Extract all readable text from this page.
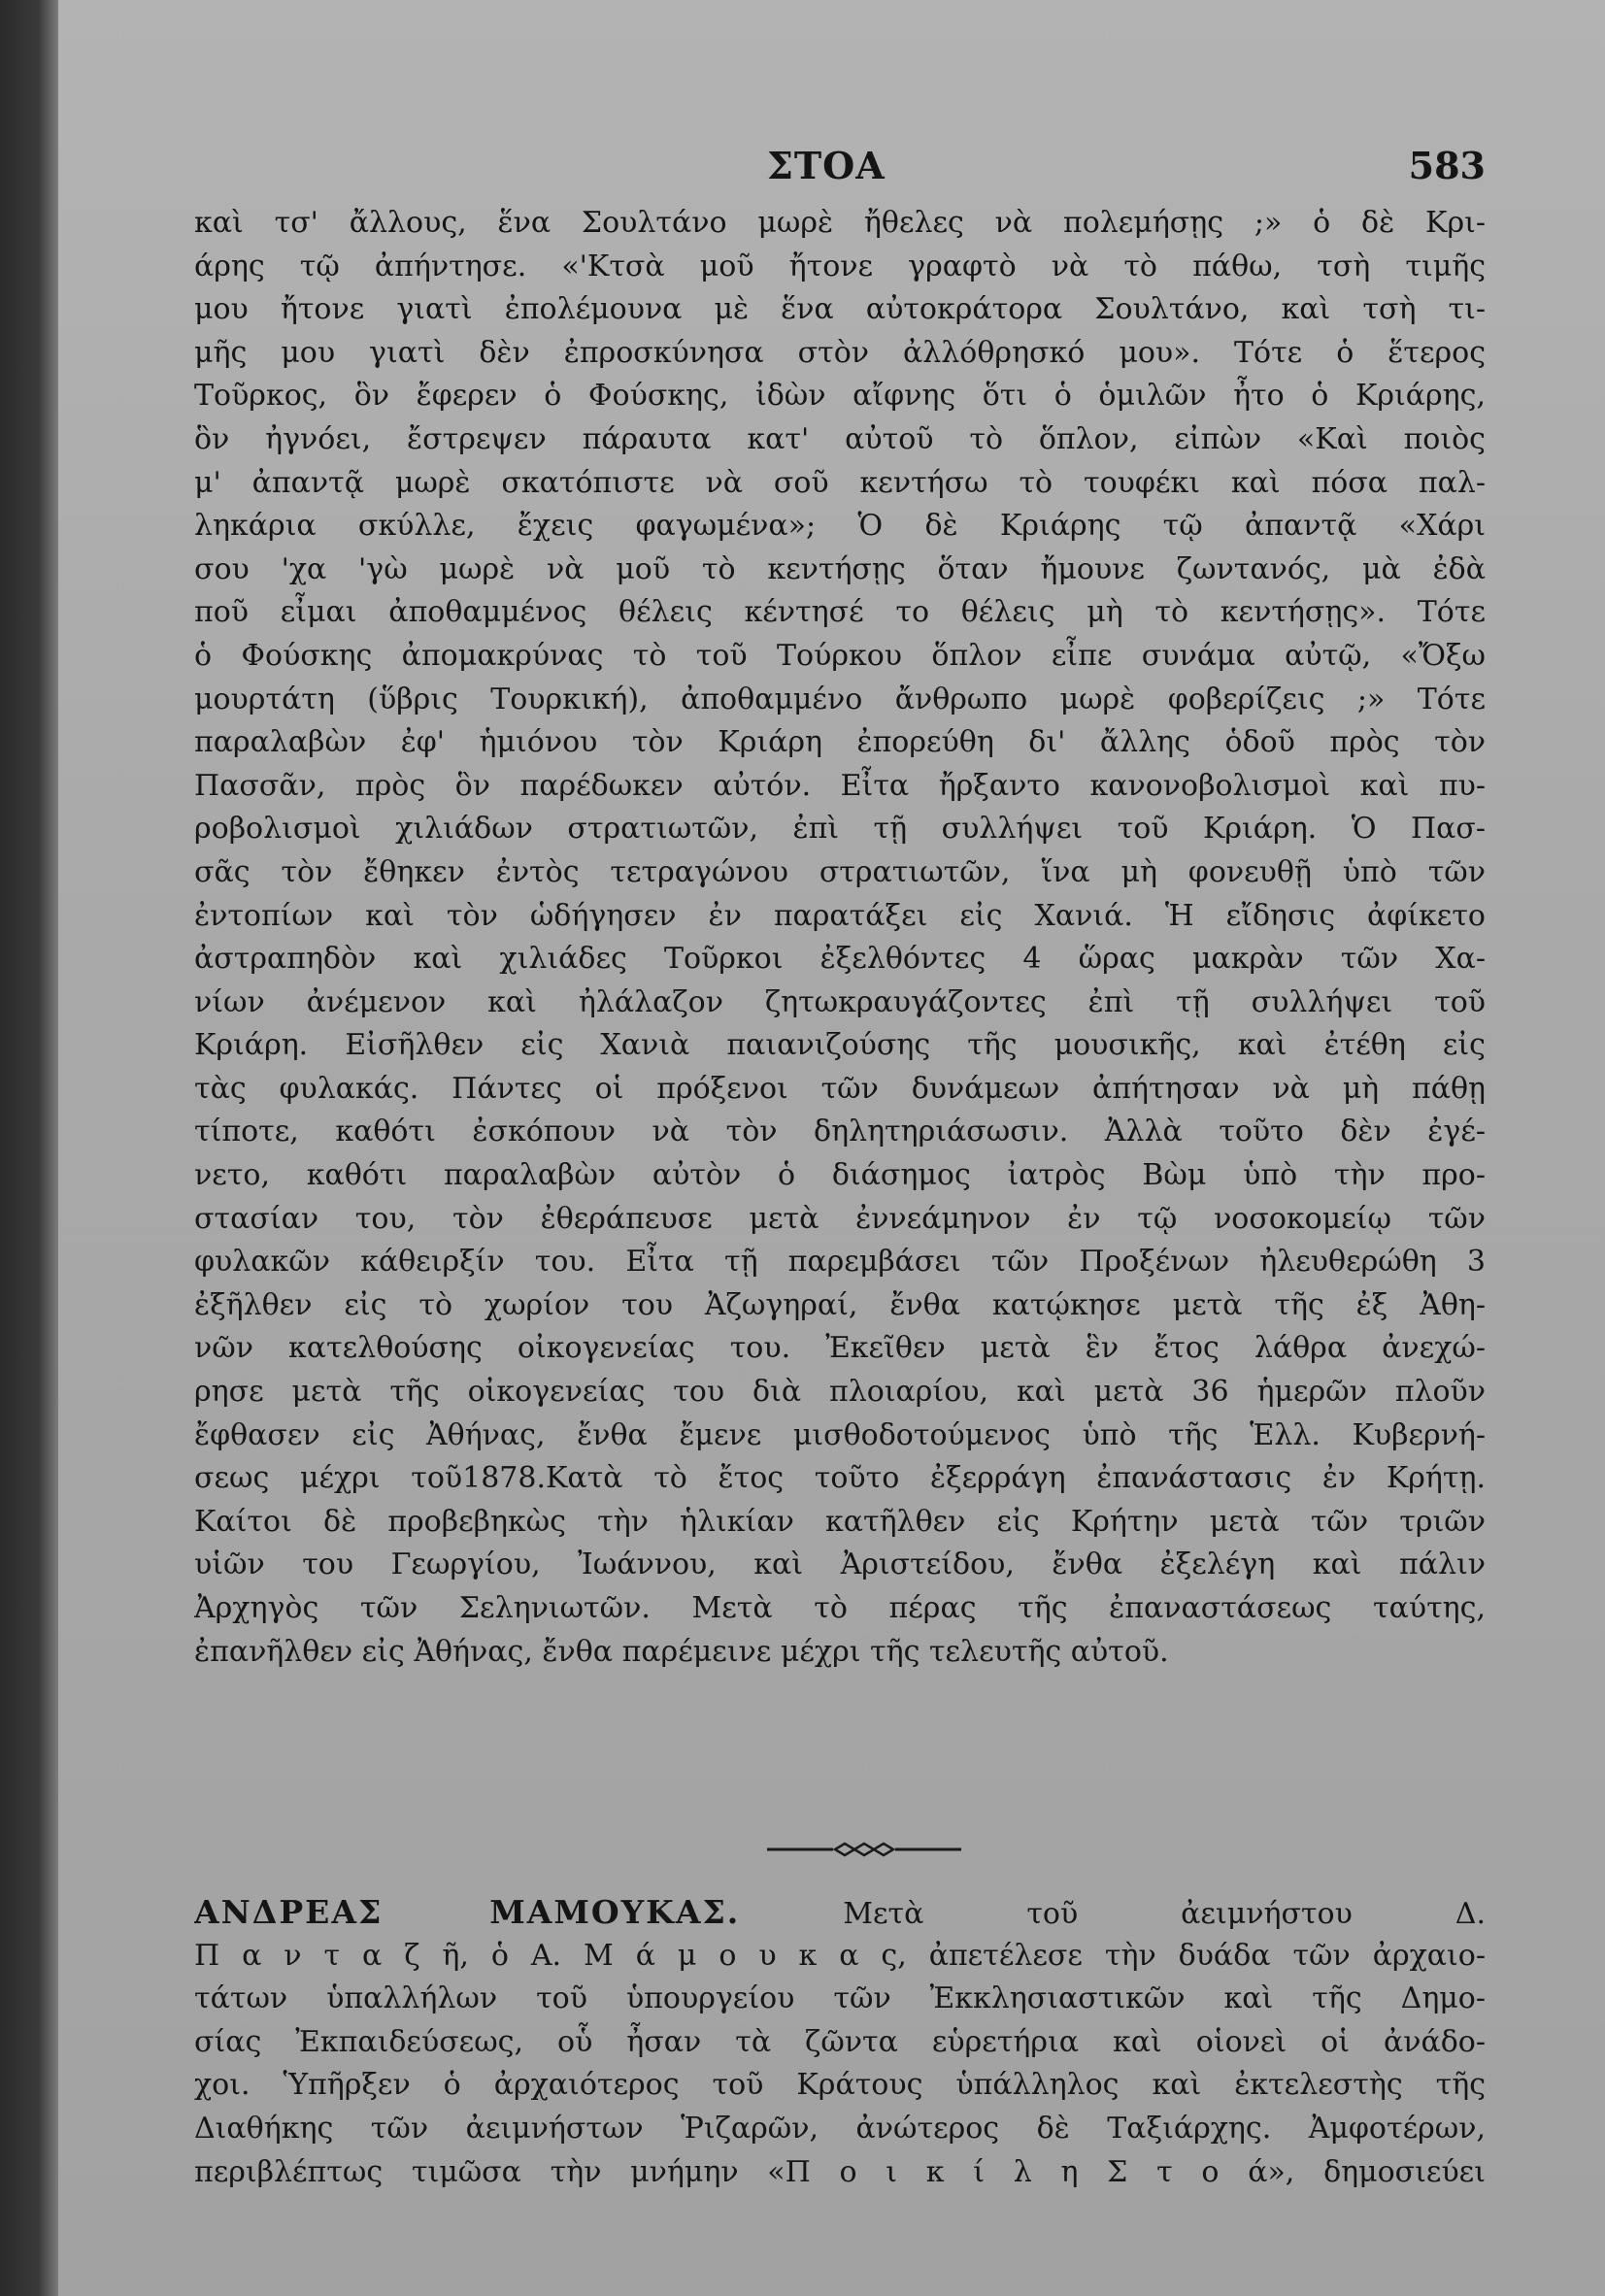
ΣΤΟΑ	583
καὶ τσ' ἄλλους, ἕνα Σουλτάνο μωρὲ ἤθελες νὰ πολεμήσῃς ;» ὁ δὲ Κρι-
άρης τῷ ἀπήντησε. «'Κτσὰ μοῦ ἤτονε γραφτὸ νὰ τὸ πάθω, τσὴ τιμῆς
μου ἤτονε γιατὶ ἐπολέμουνα μὲ ἕνα αὐτοκράτορα Σουλτάνο, καὶ τσὴ τι-
μῆς μου γιατὶ δὲν ἐπροσκύνησα στὸν ἀλλόθρησκό μου». Τότε ὁ ἕτερος
Τοῦρκος, ὃν ἔφερεν ὁ Φούσκης, ἰδὼν αἴφνης ὅτι ὁ ὁμιλῶν ἦτο ὁ Κριάρης,
ὃν ἠγνόει, ἔστρεψεν πάραυτα κατ' αὐτοῦ τὸ ὅπλον, εἰπὼν «Καὶ ποιὸς
μ' ἀπαντᾷ μωρὲ σκατόπιστε νὰ σοῦ κεντήσω τὸ τουφέκι καὶ πόσα παλ-
ληκάρια σκύλλε, ἔχεις φαγωμένα»; Ὁ δὲ Κριάρης τῷ ἀπαντᾷ «Χάρι
σου 'χα 'γὼ μωρὲ νὰ μοῦ τὸ κεντήσῃς ὅταν ἤμουνε ζωντανός, μὰ ἐδὰ
ποῦ εἶμαι ἀποθαμμένος θέλεις κέντησέ το θέλεις μὴ τὸ κεντήσῃς». Τότε
ὁ Φούσκης ἀπομακρύνας τὸ τοῦ Τούρκου ὅπλον εἶπε συνάμα αὐτῷ, «Ὄξω
μουρτάτη (ὕβρις Τουρκική), ἀποθαμμένο ἄνθρωπο μωρὲ φοβερίζεις ;» Τότε
παραλαβὼν ἐφ' ἡμιόνου τὸν Κριάρη ἐπορεύθη δι' ἄλλης ὁδοῦ πρὸς τὸν
Πασσᾶν, πρὸς ὃν παρέδωκεν αὐτόν. Εἶτα ἤρξαντο κανονοβολισμοὶ καὶ πυ-
ροβολισμοὶ χιλιάδων στρατιωτῶν, ἐπὶ τῇ συλλήψει τοῦ Κριάρη. Ὁ Πασ-
σᾶς τὸν ἔθηκεν ἐντὸς τετραγώνου στρατιωτῶν, ἵνα μὴ φονευθῇ ὑπὸ τῶν
ἐντοπίων καὶ τὸν ὡδήγησεν ἐν παρατάξει εἰς Χανιά. Ἡ εἴδησις ἀφίκετο
ἀστραπηδὸν καὶ χιλιάδες Τοῦρκοι ἐξελθόντες 4 ὥρας μακρὰν τῶν Χα-
νίων ἀνέμενον καὶ ἠλάλαζον ζητωκραυγάζοντες ἐπὶ τῇ συλλήψει τοῦ
Κριάρη. Εἰσῆλθεν εἰς Χανιὰ παιανιζούσης τῆς μουσικῆς, καὶ ἐτέθη εἰς
τὰς φυλακάς. Πάντες οἱ πρόξενοι τῶν δυνάμεων ἀπήτησαν νὰ μὴ πάθῃ
τίποτε, καθότι ἐσκόπουν νὰ τὸν δηλητηριάσωσιν. Ἀλλὰ τοῦτο δὲν ἐγέ-
νετο, καθότι παραλαβὼν αὐτὸν ὁ διάσημος ἰατρὸς Βὼμ ὑπὸ τὴν προ-
στασίαν του, τὸν ἐθεράπευσε μετὰ ἐννεάμηνον ἐν τῷ νοσοκομείῳ τῶν
φυλακῶν κάθειρξίν του. Εἶτα τῇ παρεμβάσει τῶν Προξένων ἠλευθερώθη 3
ἐξῆλθεν εἰς τὸ χωρίον του Ἀζωγηραί, ἔνθα κατῴκησε μετὰ τῆς ἐξ Ἀθη-
νῶν κατελθούσης οἰκογενείας του. Ἐκεῖθεν μετὰ ἓν ἔτος λάθρα ἀνεχώ-
ρησε μετὰ τῆς οἰκογενείας του διὰ πλοιαρίου, καὶ μετὰ 36 ἡμερῶν πλοῦν
ἔφθασεν εἰς Ἀθήνας, ἔνθα ἔμενε μισθοδοτούμενος ὑπὸ τῆς Ἑλλ. Κυβερνή-
σεως μέχρι τοῦ1878.Κατὰ τὸ ἔτος τοῦτο ἐξερράγη ἐπανάστασις ἐν Κρήτῃ.
Καίτοι δὲ προβεβηκὼς τὴν ἡλικίαν κατῆλθεν εἰς Κρήτην μετὰ τῶν τριῶν
υἱῶν του Γεωργίου, Ἰωάννου, καὶ Ἀριστείδου, ἔνθα ἐξελέγη καὶ πάλιν
Ἀρχηγὸς τῶν Σεληνιωτῶν. Μετὰ τὸ πέρας τῆς ἐπαναστάσεως ταύτης,
ἐπανῆλθεν εἰς Ἀθήνας, ἔνθα παρέμεινε μέχρι τῆς τελευτῆς αὐτοῦ.
ΑΝΔΡΕΑΣ ΜΑΜΟΥΚΑΣ.	Μετὰ τοῦ ἀειμνήστου Δ.
Π α ν τ α ζ ῆ, ὁ Α. Μ ά μ ο υ κ α ς, ἀπετέλεσε τὴν δυάδα τῶν ἀρχαιο-
τάτων ὑπαλλήλων τοῦ ὑπουργείου τῶν Ἐκκλησιαστικῶν καὶ τῆς Δημο-
σίας Ἐκπαιδεύσεως, οὗ ἦσαν τὰ ζῶντα εὑρετήρια καὶ οἱονεὶ οἱ ἀνάδο-
χοι. Ὑπῆρξεν ὁ ἀρχαιότερος τοῦ Κράτους ὑπάλληλος καὶ ἐκτελεστὴς τῆς
Διαθήκης τῶν ἀειμνήστων Ῥιζαρῶν, ἀνώτερος δὲ Ταξιάρχης. Ἀμφοτέρων,
περιβλέπτως τιμῶσα τὴν μνήμην «Π ο ι κ ί λ η Σ τ ο ά», δημοσιεύει
